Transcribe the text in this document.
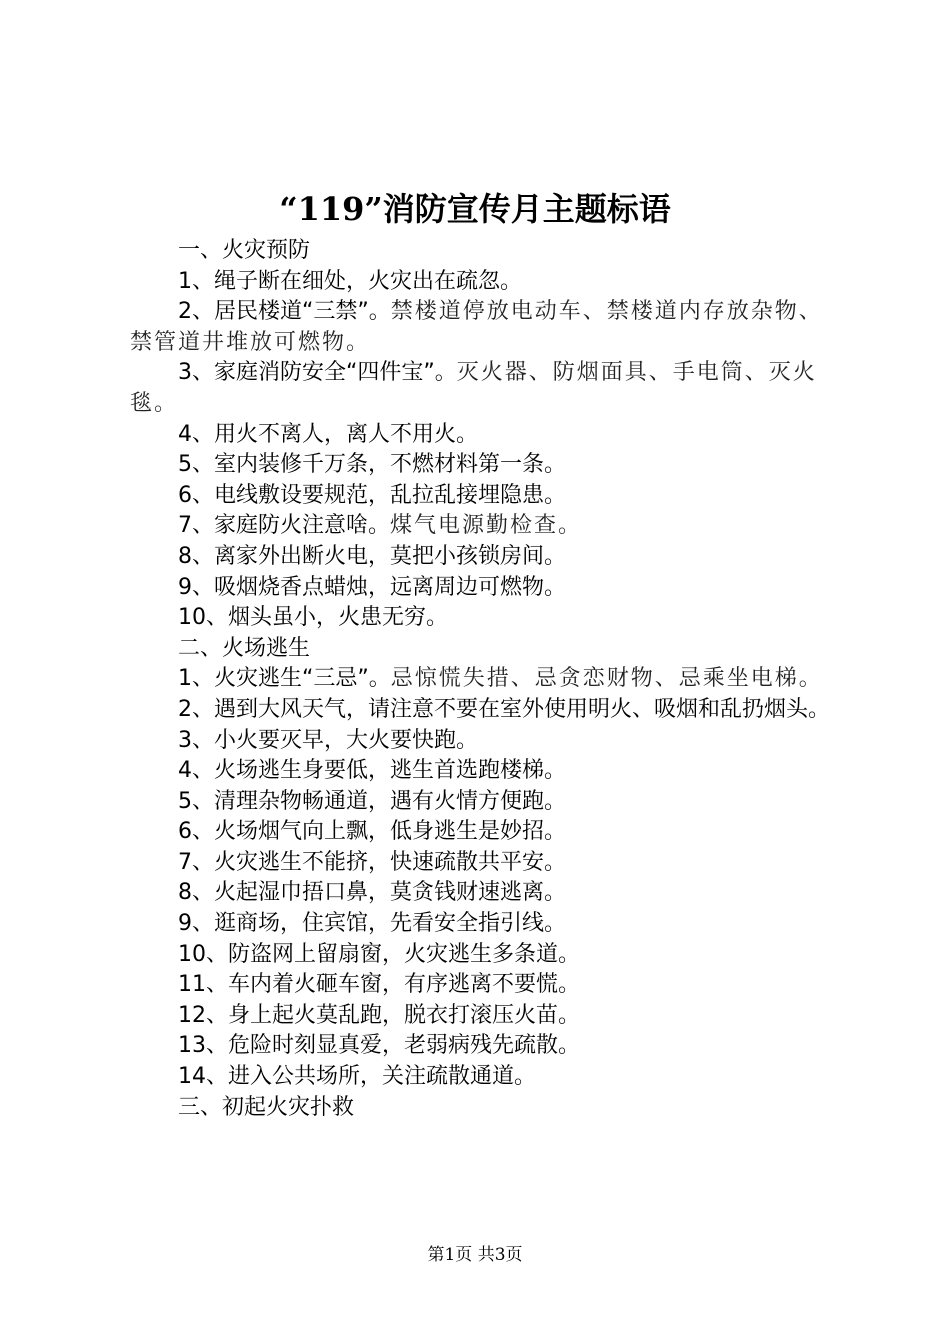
“119”消防宣传月主题标语

一、火灾预防

1、绳子断在细处，火灾出在疏忽。

2、居民楼道“三禁”。禁楼道停放电动车、禁楼道内存放杂物、禁管道井堆放可燃物。

3、家庭消防安全“四件宝”。灭火器、防烟面具、手电筒、灭火毯。

4、用火不离人，离人不用火。

5、室内装修千万条，不燃材料第一条。

6、电线敷设要规范，乱拉乱接埋隐患。

7、家庭防火注意啥。煤气电源勤检查。

8、离家外出断火电，莫把小孩锁房间。

9、吸烟烧香点蜡烛，远离周边可燃物。

10、烟头虽小，火患无穷。

二、火场逃生

1、火灾逃生“三忌”。忌惊慌失措、忌贪恋财物、忌乘坐电梯。

2、遇到大风天气，请注意不要在室外使用明火、吸烟和乱扔烟头。

3、小火要灭早，大火要快跑。

4、火场逃生身要低，逃生首选跑楼梯。

5、清理杂物畅通道，遇有火情方便跑。

6、火场烟气向上飘，低身逃生是妙招。

7、火灾逃生不能挤，快速疏散共平安。

8、火起湿巾捂口鼻，莫贪钱财速逃离。

9、逛商场，住宾馆，先看安全指引线。

10、防盗网上留扇窗，火灾逃生多条道。

11、车内着火砸车窗，有序逃离不要慌。

12、身上起火莫乱跑，脱衣打滚压火苗。

13、危险时刻显真爱，老弱病残先疏散。

14、进入公共场所，关注疏散通道。

三、初起火灾扑救

第1页 共3页
